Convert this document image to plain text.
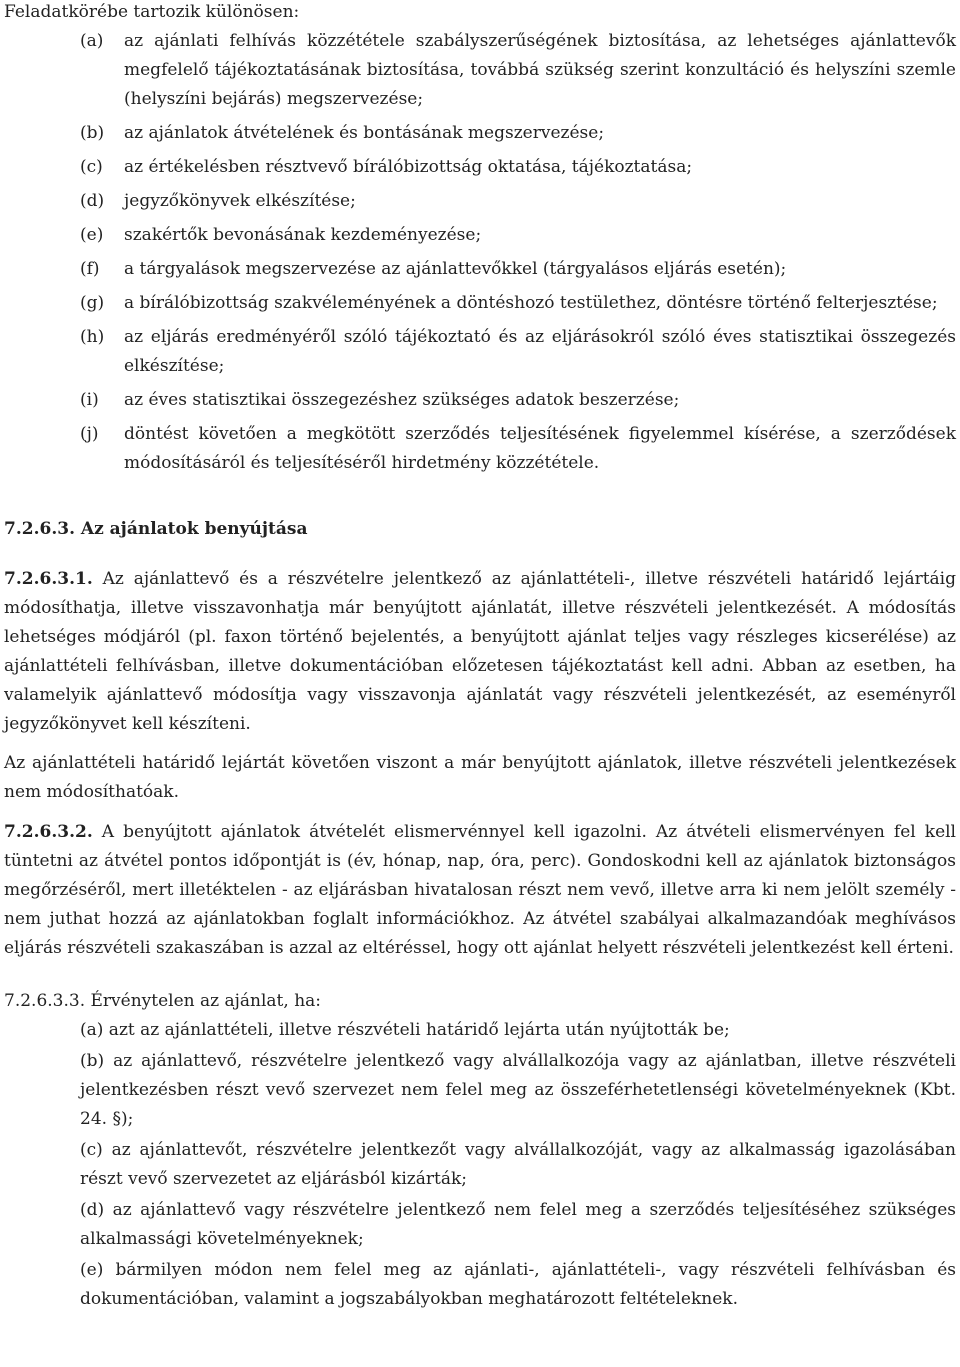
Feladatkörébe tartozik különösen:

(a) az ajánlati felhívás közzététele szabályszerűségének biztosítása, az lehetséges ajánlattevők megfelelő tájékoztatásának biztosítása, továbbá szükség szerint konzultáció és helyszíni szemle (helyszíni bejárás) megszervezése;
(b) az ajánlatok átvételének és bontásának megszervezése;
(c) az értékelésben résztvevő bírálóbizottság oktatása, tájékoztatása;
(d) jegyzőkönyvek elkészítése;
(e) szakértők bevonásának kezdeményezése;
(f) a tárgyalások megszervezése az ajánlattevőkkel (tárgyalásos eljárás esetén);
(g) a bírálóbizottság szakvéleményének a döntéshozó testülethez, döntésre történő felterjesztése;
(h) az eljárás eredményéről szóló tájékoztató és az eljárásokról szóló éves statisztikai összegezés elkészítése;
(i) az éves statisztikai összegezéshez szükséges adatok beszerzése;
(j) döntést követően a megkötött szerződés teljesítésének figyelemmel kísérése, a szerződések módosításáról és teljesítéséről hirdetmény közzététele.
7.2.6.3. Az ajánlatok benyújtása

7.2.6.3.1. Az ajánlattevő és a részvételre jelentkező az ajánlattételi-, illetve részvételi határidő lejártáig módosíthatja, illetve visszavonhatja már benyújtott ajánlatát, illetve részvételi jelentkezését. A módosítás lehetséges módjáról (pl. faxon történő bejelentés, a benyújtott ajánlat teljes vagy részleges kicserélése) az ajánlattételi felhívásban, illetve dokumentációban előzetesen tájékoztatást kell adni. Abban az esetben, ha valamelyik ajánlattevő módosítja vagy visszavonja ajánlatát vagy részvételi jelentkezését, az eseményről jegyzőkönyvet kell készíteni.

Az ajánlattételi határidő lejártát követően viszont a már benyújtott ajánlatok, illetve részvételi jelentkezések nem módosíthatóak.

7.2.6.3.2. A benyújtott ajánlatok átvételét elismervénnyel kell igazolni. Az átvételi elismervényen fel kell tüntetni az átvétel pontos időpontját is (év, hónap, nap, óra, perc). Gondoskodni kell az ajánlatok biztonságos megőrzéséről, mert illetéktelen - az eljárásban hivatalosan részt nem vevő, illetve arra ki nem jelölt személy - nem juthat hozzá az ajánlatokban foglalt információkhoz. Az átvétel szabályai alkalmazandóak meghívásos eljárás részvételi szakaszában is azzal az eltéréssel, hogy ott ajánlat helyett részvételi jelentkezést kell érteni.

7.2.6.3.3. Érvénytelen az ajánlat, ha:

(a) azt az ajánlattételi, illetve részvételi határidő lejárta után nyújtották be;
(b) az ajánlattevő, részvételre jelentkező vagy alvállalkozója vagy az ajánlatban, illetve részvételi jelentkezésben részt vevő szervezet nem felel meg az összeférhetetlenségi követelményeknek (Kbt. 24. §);
(c) az ajánlattevőt, részvételre jelentkezőt vagy alvállalkozóját, vagy az alkalmasság igazolásában részt vevő szervezetet az eljárásból kizárták;
(d) az ajánlattevő vagy részvételre jelentkező nem felel meg a szerződés teljesítéséhez szükséges alkalmassági követelményeknek;
(e) bármilyen módon nem felel meg az ajánlati-, ajánlattételi-, vagy részvételi felhívásban és dokumentációban, valamint a jogszabályokban meghatározott feltételeknek.
